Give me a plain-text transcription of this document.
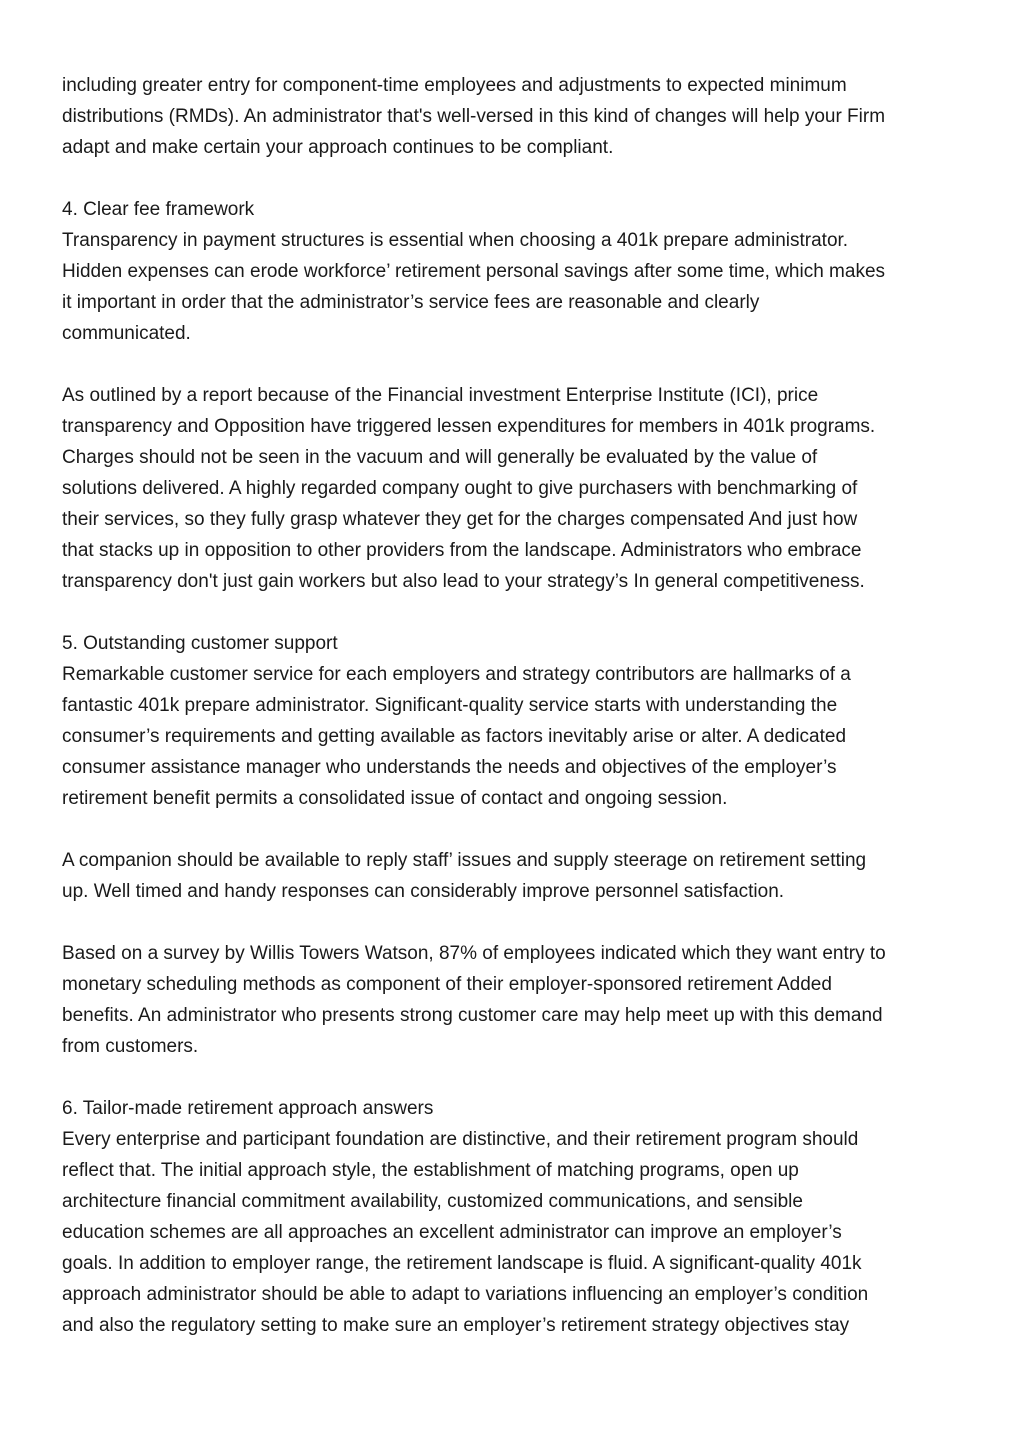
including greater entry for component-time employees and adjustments to expected minimum
distributions (RMDs). An administrator that's well-versed in this kind of changes will help your Firm
adapt and make certain your approach continues to be compliant.
4. Clear fee framework
Transparency in payment structures is essential when choosing a 401k prepare administrator.
Hidden expenses can erode workforce’ retirement personal savings after some time, which makes
it important in order that the administrator’s service fees are reasonable and clearly
communicated.
As outlined by a report because of the Financial investment Enterprise Institute (ICI), price
transparency and Opposition have triggered lessen expenditures for members in 401k programs.
Charges should not be seen in the vacuum and will generally be evaluated by the value of
solutions delivered. A highly regarded company ought to give purchasers with benchmarking of
their services, so they fully grasp whatever they get for the charges compensated And just how
that stacks up in opposition to other providers from the landscape. Administrators who embrace
transparency don't just gain workers but also lead to your strategy’s In general competitiveness.
5. Outstanding customer support
Remarkable customer service for each employers and strategy contributors are hallmarks of a
fantastic 401k prepare administrator. Significant-quality service starts with understanding the
consumer’s requirements and getting available as factors inevitably arise or alter. A dedicated
consumer assistance manager who understands the needs and objectives of the employer’s
retirement benefit permits a consolidated issue of contact and ongoing session.
A companion should be available to reply staff’ issues and supply steerage on retirement setting
up. Well timed and handy responses can considerably improve personnel satisfaction.
Based on a survey by Willis Towers Watson, 87% of employees indicated which they want entry to
monetary scheduling methods as component of their employer-sponsored retirement Added
benefits. An administrator who presents strong customer care may help meet up with this demand
from customers.
6. Tailor-made retirement approach answers
Every enterprise and participant foundation are distinctive, and their retirement program should
reflect that. The initial approach style, the establishment of matching programs, open up
architecture financial commitment availability, customized communications, and sensible
education schemes are all approaches an excellent administrator can improve an employer’s
goals. In addition to employer range, the retirement landscape is fluid. A significant-quality 401k
approach administrator should be able to adapt to variations influencing an employer’s condition
and also the regulatory setting to make sure an employer’s retirement strategy objectives stay
